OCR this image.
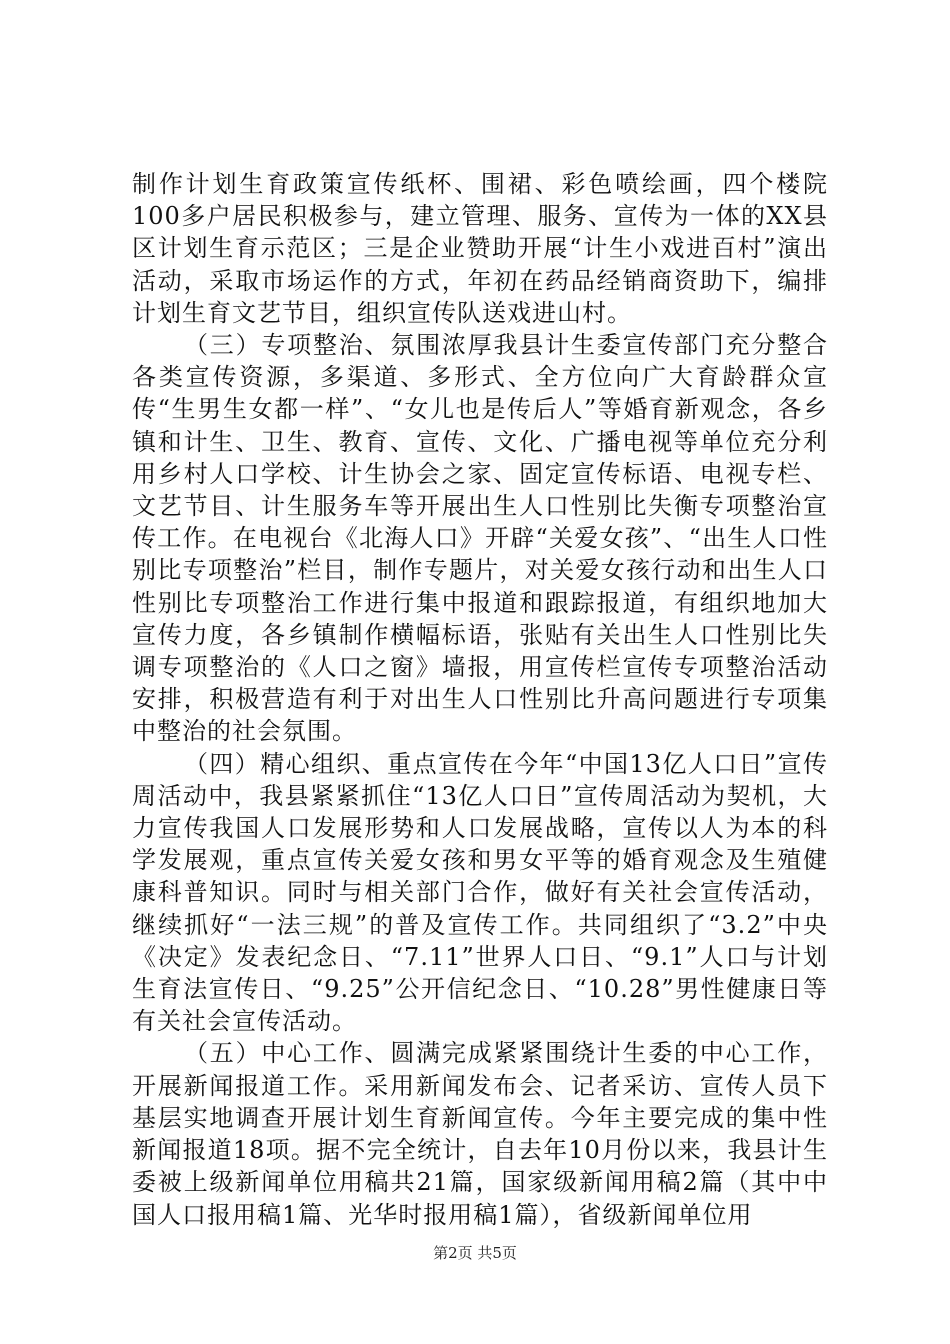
制作计划生育政策宣传纸杯、围裙、彩色喷绘画，四个楼院100多户居民积极参与，建立管理、服务、宣传为一体的XX县区计划生育示范区；三是企业赞助开展“计生小戏进百村”演出活动，采取市场运作的方式，年初在药品经销商资助下，编排计划生育文艺节目，组织宣传队送戏进山村。

（三）专项整治、氛围浓厚我县计生委宣传部门充分整合各类宣传资源，多渠道、多形式、全方位向广大育龄群众宣传“生男生女都一样”、“女儿也是传后人”等婚育新观念，各乡镇和计生、卫生、教育、宣传、文化、广播电视等单位充分利用乡村人口学校、计生协会之家、固定宣传标语、电视专栏、文艺节目、计生服务车等开展出生人口性别比失衡专项整治宣传工作。在电视台《北海人口》开辟“关爱女孩”、“出生人口性别比专项整治”栏目，制作专题片，对关爱女孩行动和出生人口性别比专项整治工作进行集中报道和跟踪报道，有组织地加大宣传力度，各乡镇制作横幅标语，张贴有关出生人口性别比失调专项整治的《人口之窗》墙报，用宣传栏宣传专项整治活动安排，积极营造有利于对出生人口性别比升高问题进行专项集中整治的社会氛围。

（四）精心组织、重点宣传在今年“中国13亿人口日”宣传周活动中，我县紧紧抓住“13亿人口日”宣传周活动为契机，大力宣传我国人口发展形势和人口发展战略，宣传以人为本的科学发展观，重点宣传关爱女孩和男女平等的婚育观念及生殖健康科普知识。同时与相关部门合作，做好有关社会宣传活动，继续抓好“一法三规”的普及宣传工作。共同组织了“3.2”中央《决定》发表纪念日、“7.11”世界人口日、“9.1”人口与计划生育法宣传日、“9.25”公开信纪念日、“10.28”男性健康日等有关社会宣传活动。

（五）中心工作、圆满完成紧紧围绕计生委的中心工作，开展新闻报道工作。采用新闻发布会、记者采访、宣传人员下基层实地调查开展计划生育新闻宣传。今年主要完成的集中性新闻报道18项。据不完全统计，自去年10月份以来，我县计生委被上级新闻单位用稿共21篇，国家级新闻用稿2篇（其中中国人口报用稿1篇、光华时报用稿1篇），省级新闻单位用

第2页 共5页
